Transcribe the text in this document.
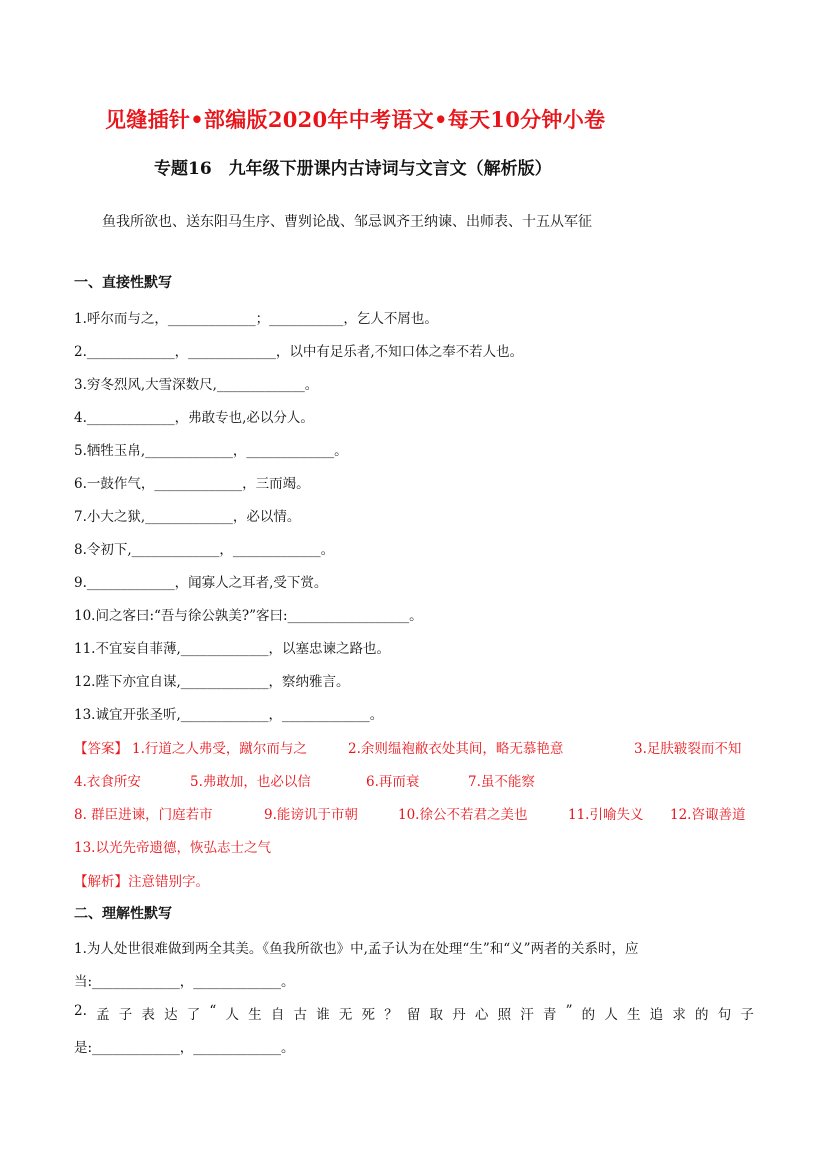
见缝插针•部编版2020年中考语文•每天10分钟小卷
专题16　九年级下册课内古诗词与文言文（解析版）
鱼我所欲也、送东阳马生序、曹刿论战、邹忌讽齐王纳谏、出师表、十五从军征
一、直接性默写
1.呼尔而与之，_____________；___________，乞人不屑也。
2._____________，_____________，以中有足乐者,不知口体之奉不若人也。
3.穷冬烈风,大雪深数尺,_____________。
4._____________，弗敢专也,必以分人。
5.牺牲玉帛,_____________，_____________。
6.一鼓作气，_____________，三而竭。
7.小大之狱,_____________，必以情。
8.令初下,_____________，_____________。
9._____________，闻寡人之耳者,受下赏。
10.问之客曰:“吾与徐公孰美?”客曰:__________________。
11.不宜妄自菲薄,_____________，以塞忠谏之路也。
12.陛下亦宜自谋,_____________，察纳雅言。
13.诚宜开张圣听,_____________，_____________。
【答案】 1.行道之人弗受，蹴尔而与之	2.余则缊袍敝衣处其间，略无慕艳意	3.足肤皲裂而不知
4.衣食所安	5.弗敢加，也必以信	6.再而衰	7.虽不能察
8. 群臣进谏，门庭若市	9.能谤讥于市朝	10.徐公不若君之美也	11.引喻失义 12.咨诹善道
13.以光先帝遗德，恢弘志士之气
【解析】注意错别字。
二、理解性默写
1.为人处世很难做到两全其美。《鱼我所欲也》中,孟子认为在处理“生”和“义”两者的关系时，应
当:_____________，_____________。
2. 孟 子 表 达 了 “ 人 生 自 古 谁 无 死 ？ 留 取 丹 心 照 汗 青 ” 的 人 生 追 求 的 句 子
是:_____________，_____________。
